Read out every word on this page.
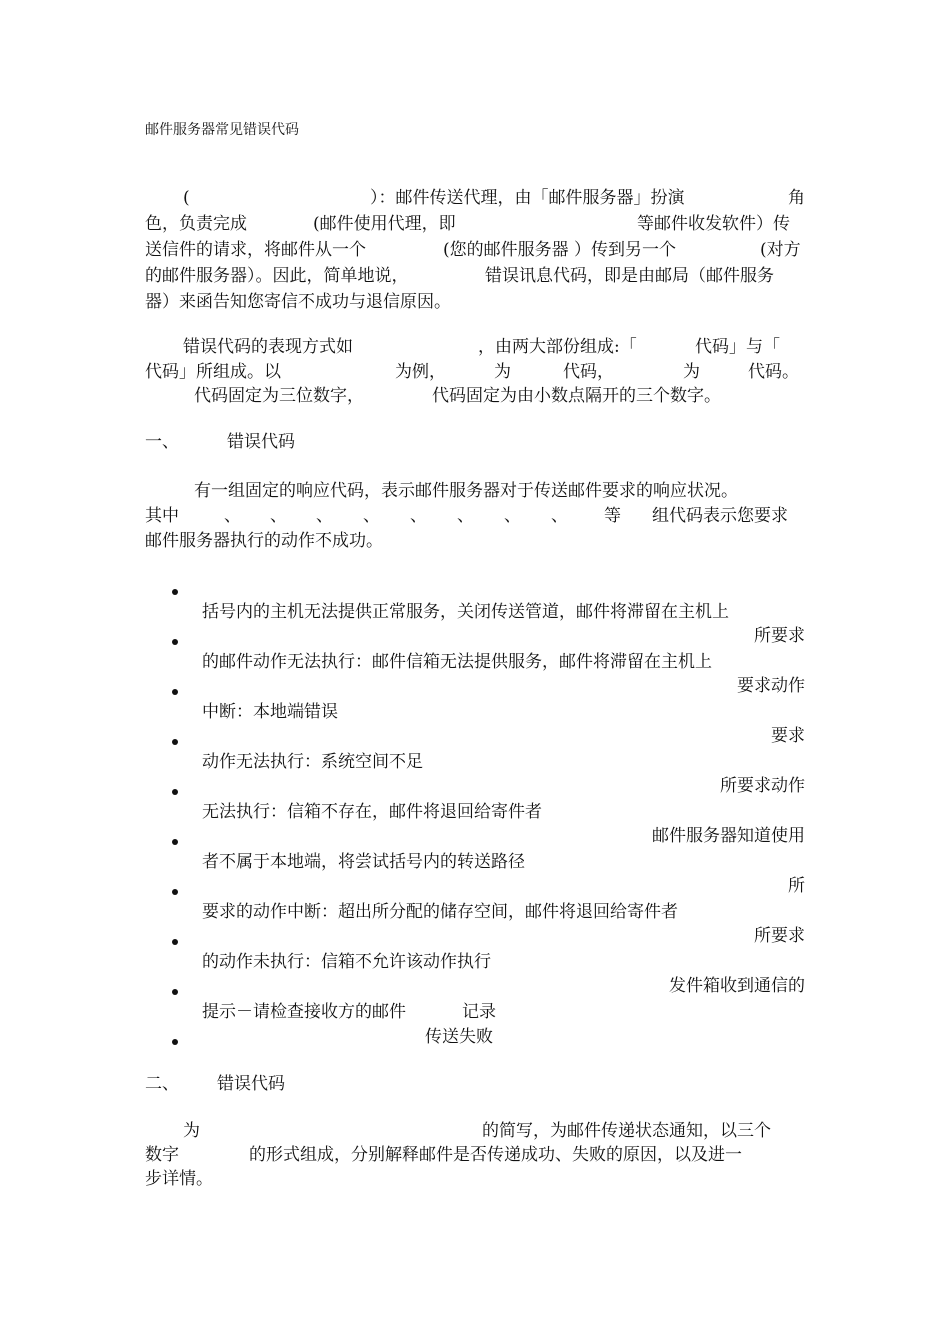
邮件服务器常见错误代码
(	）：邮件传送代理，由「邮件服务器」扮演	角
色，负责完成	(邮件使用代理，即	等邮件收发软件）传
送信件的请求，将邮件从一个	(您的邮件服务器 ）传到另一个	(对方
的邮件服务器）。因此，简单地说，	错误讯息代码，即是由邮局（邮件服务
器）来函告知您寄信不成功与退信原因。
错误代码的表现方式如	，由两大部份组成:「	代码」与「
代码」所组成。以	为例，	为	代码，	为	代码。
代码固定为三位数字，	代码固定为由小数点隔开的三个数字。
一、	错误代码
有一组固定的响应代码，表示邮件服务器对于传送邮件要求的响应状况。
其中	、 、 、 、 、 、 、 、 等 组代码表示您要求
邮件服务器执行的动作不成功。
括号内的主机无法提供正常服务，关闭传送管道，邮件将滞留在主机上
所要求
的邮件动作无法执行：邮件信箱无法提供服务，邮件将滞留在主机上
要求动作
中断：本地端错误
要求
动作无法执行：系统空间不足
所要求动作
无法执行：信箱不存在，邮件将退回给寄件者
邮件服务器知道使用
者不属于本地端，将尝试括号内的转送路径
所
要求的动作中断：超出所分配的储存空间，邮件将退回给寄件者
所要求
的动作未执行：信箱不允许该动作执行
发件箱收到通信的
提示－请检查接收方的邮件	记录
传送失败
二、 错误代码
为	的简写，为邮件传递状态通知，以三个
数字	的形式组成，分别解释邮件是否传递成功、失败的原因，以及进一
步详情。
